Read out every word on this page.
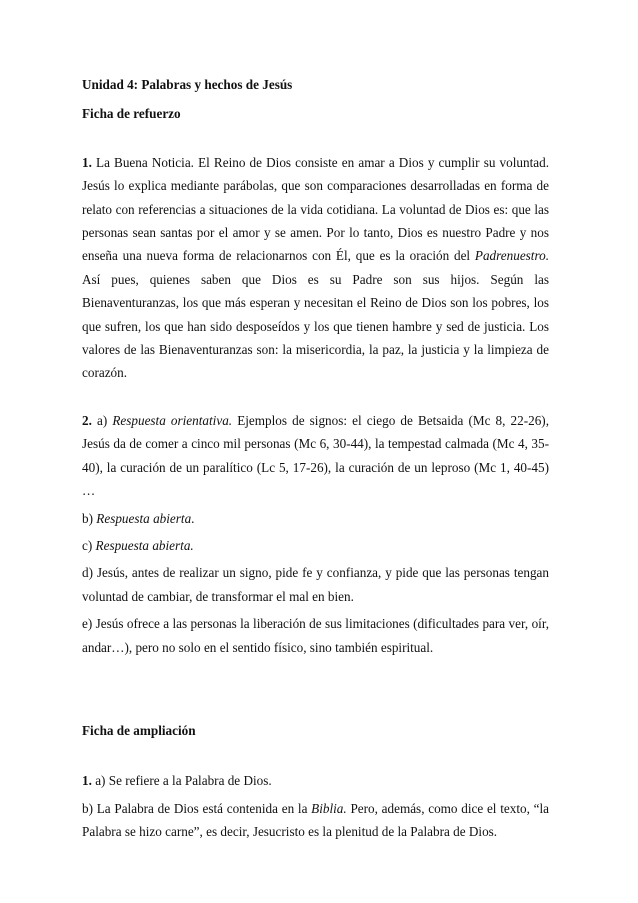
Unidad 4: Palabras y hechos de Jesús

Ficha de refuerzo

1. La Buena Noticia. El Reino de Dios consiste en amar a Dios y cumplir su voluntad. Jesús lo explica mediante parábolas, que son comparaciones desarrolladas en forma de relato con referencias a situaciones de la vida cotidiana. La voluntad de Dios es: que las personas sean santas por el amor y se amen. Por lo tanto, Dios es nuestro Padre y nos enseña una nueva forma de relacionarnos con Él, que es la oración del Padrenuestro. Así pues, quienes saben que Dios es su Padre son sus hijos. Según las Bienaventuranzas, los que más esperan y necesitan el Reino de Dios son los pobres, los que sufren, los que han sido desposeídos y los que tienen hambre y sed de justicia. Los valores de las Bienaventuranzas son: la misericordia, la paz, la justicia y la limpieza de corazón.

2. a) Respuesta orientativa. Ejemplos de signos: el ciego de Betsaida (Mc 8, 22-26), Jesús da de comer a cinco mil personas (Mc 6, 30-44), la tempestad calmada (Mc 4, 35-40), la curación de un paralítico (Lc 5, 17-26), la curación de un leproso (Mc 1, 40-45) …

b) Respuesta abierta.

c) Respuesta abierta.

d) Jesús, antes de realizar un signo, pide fe y confianza, y pide que las personas tengan voluntad de cambiar, de transformar el mal en bien.

e) Jesús ofrece a las personas la liberación de sus limitaciones (dificultades para ver, oír, andar…), pero no solo en el sentido físico, sino también espiritual.

Ficha de ampliación

1. a) Se refiere a la Palabra de Dios.

b) La Palabra de Dios está contenida en la Biblia. Pero, además, como dice el texto, “la Palabra se hizo carne”, es decir, Jesucristo es la plenitud de la Palabra de Dios.
